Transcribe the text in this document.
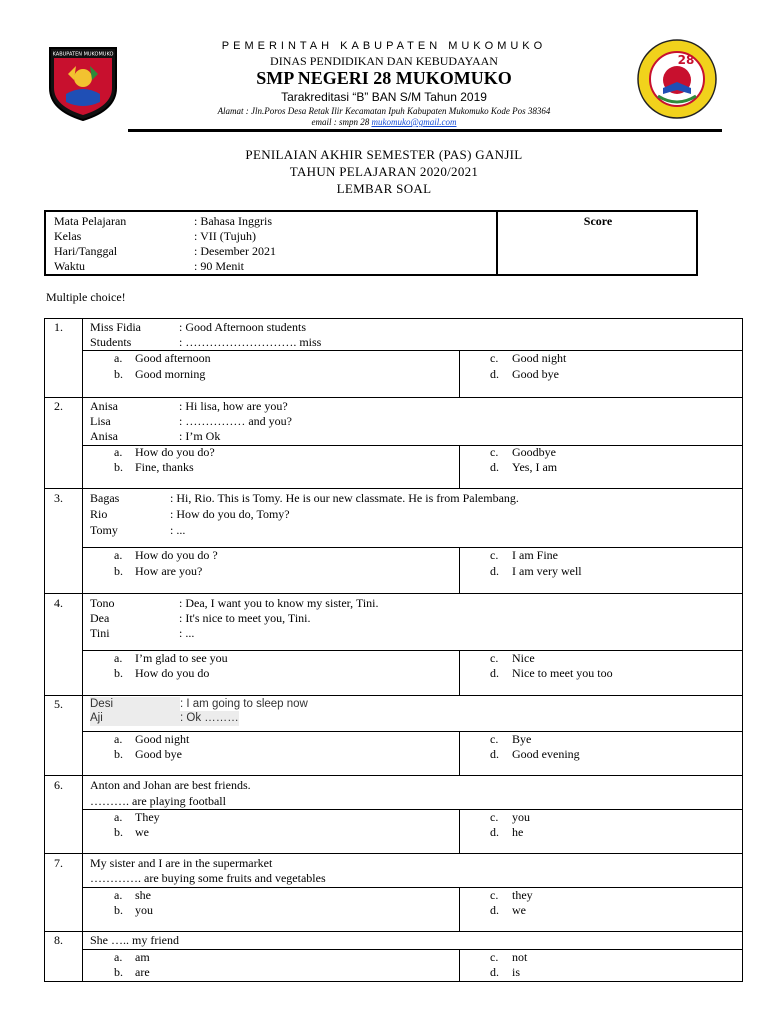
KABUPATEN MUKOMUKO	28
PEMERINTAH KABUPATEN MUKOMUKO
DINAS PENDIDIKAN DAN KEBUDAYAAN
SMP NEGERI 28 MUKOMUKO
Tarakreditasi “B” BAN S/M Tahun 2019
Alamat : Jln.Poros Desa Retak Ilir Kecamatan Ipuh Kabupaten Mukomuko Kode Pos 38364
email : smpn 28 mukomuko@gmail.com
PENILAIAN AKHIR SEMESTER (PAS) GANJIL
TAHUN PELAJARAN 2020/2021
LEMBAR SOAL
Mata Pelajaran	: Bahasa Inggris
Kelas	: VII (Tujuh)
Hari/Tanggal	: Desember 2021
Waktu	: 90 Menit
Score
Multiple choice!
1. Miss Fidia	: Good Afternoon students
Students	: ………………………. miss
a. Good afternoon
b. Good morning
c. Good night
d. Good bye
2. Anisa	: Hi lisa, how are you?
Lisa	: …………… and you?
Anisa	: I’m Ok
a. How do you do?
b. Fine, thanks
c. Goodbye
d. Yes, I am
3. Bagas	: Hi, Rio. This is Tomy. He is our new classmate. He is from Palembang.
Rio	: How do you do, Tomy?
Tomy	: ...
a. How do you do ?
b. How are you?
c. I am Fine
d. I am very well
4. Tono	: Dea, I want you to know my sister, Tini.
Dea	: It's nice to meet you, Tini.
Tini	: ...
a. I’m glad to see you
b. How do you do
c. Nice
d. Nice to meet you too
5. Desi	: I am going to sleep now
Aji	: Ok ………
a. Good night
b. Good bye
c. Bye
d. Good evening
6. Anton and Johan are best friends.
………. are playing football
a. They
b. we
c. you
d. he
7. My sister and I are in the supermarket
…………. are buying some fruits and vegetables
a. she
b. you
c. they
d. we
8. She ….. my friend
a. am
b. are
c. not
d. is
